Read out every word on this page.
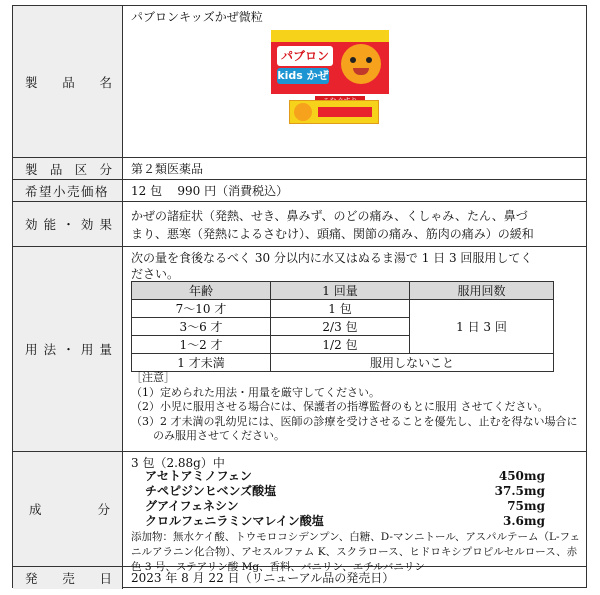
製 品 名
パブロンキッズかぜ微粒
パブロン
kids かぜ
製 品 区 分	第２類医薬品
希望小売価格	12 包 990 円（消費税込）
効 能 ・ 効 果
かぜの諸症状（発熱、せき、鼻みず、のどの痛み、くしゃみ、たん、鼻づ
まり、悪寒（発熱によるさむけ）、頭痛、関節の痛み、筋肉の痛み）の緩和
用 法 ・ 用 量
次の量を食後なるべく 30 分以内に水又はぬるま湯で 1 日 3 回服用してく
ださい。
年齢	1 回量	服用回数
7～10 才	1 包	1 日 3 回
3～6 才	2/3 包	
1～2 才	1/2 包	
1 才未満	服用しないこと	
［注意］
（1）定められた用法・用量を厳守してください。
（2）小児に服用させる場合には、保護者の指導監督のもとに服用 させてください。
（3）2 才未満の乳幼児には、医師の診療を受けさせることを優先し、止むを得ない場合にのみ服用させてください。
成	分
3 包（2.88g）中
アセトアミノフェン	450mg
チペピジンヒベンズ酸塩	37.5mg
グアイフェネシン	75mg
クロルフェニラミンマレイン酸塩	3.6mg
添加物：無水ケイ酸、トウモロコシデンプン、白糖、D-マンニトール、アスパルテーム（L-フェニルアラニン化合物）、アセスルファム K、スクラロース、ヒドロキシプロピルセルロース、赤色 3 号、ステアリン酸 Mg、香料、バニリン、エチルバニリン
発 売 日	2023 年 8 月 22 日（リニューアル品の発売日）
